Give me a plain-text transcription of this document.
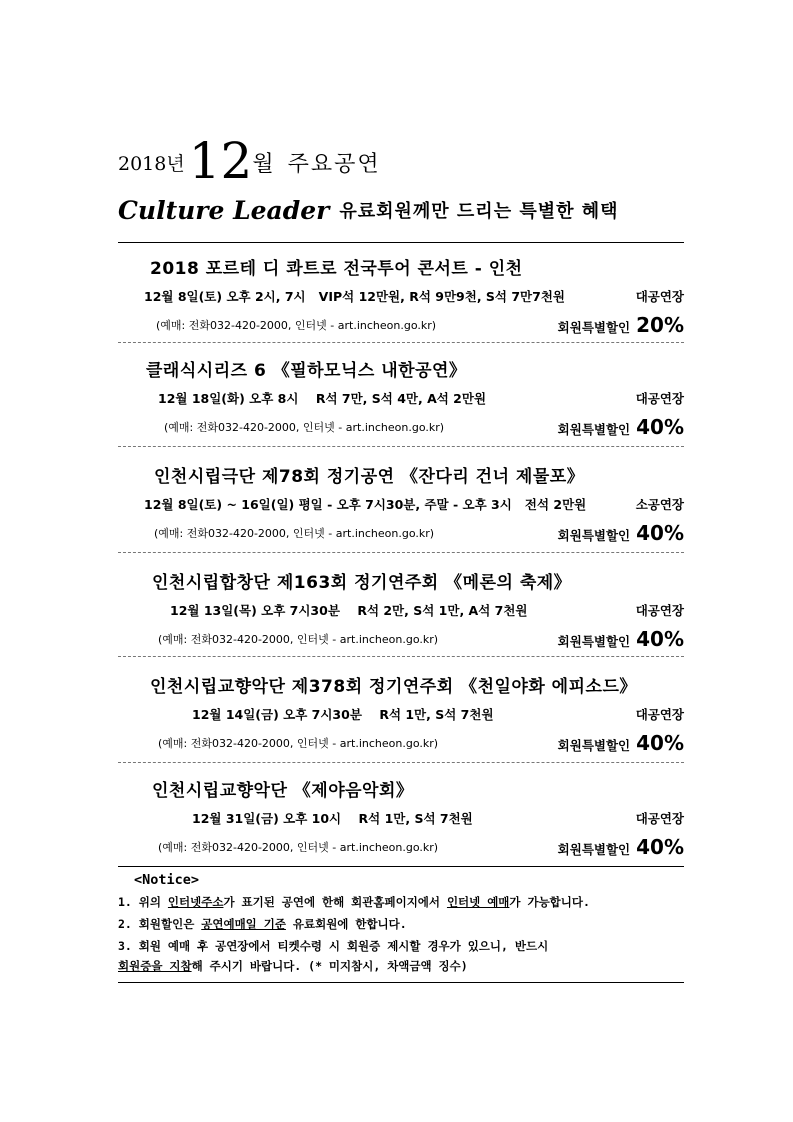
2018년 12 월 주요공연
Culture Leader 유료회원께만 드리는 특별한 혜택
2018 포르테 디 콰트로 전국투어 콘서트 - 인천
12월 8일(토) 오후 2시, 7시 VIP석 12만원, R석 9만9천, S석 7만7천원	대공연장
(예매: 전화032-420-2000, 인터넷 - art.incheon.go.kr)	회원특별할인 20%
클래식시리즈 6 《필하모닉스 내한공연》
12월 18일(화) 오후 8시 R석 7만, S석 4만, A석 2만원	대공연장
(예매: 전화032-420-2000, 인터넷 - art.incheon.go.kr)	회원특별할인 40%
인천시립극단 제78회 정기공연 《잔다리 건너 제물포》
12월 8일(토) ~ 16일(일) 평일 - 오후 7시30분, 주말 - 오후 3시 전석 2만원	소공연장
(예매: 전화032-420-2000, 인터넷 - art.incheon.go.kr)	회원특별할인 40%
인천시립합창단 제163회 정기연주회 《메론의 축제》
12월 13일(목) 오후 7시30분 R석 2만, S석 1만, A석 7천원	대공연장
(예매: 전화032-420-2000, 인터넷 - art.incheon.go.kr)	회원특별할인 40%
인천시립교향악단 제378회 정기연주회 《천일야화 에피소드》
12월 14일(금) 오후 7시30분 R석 1만, S석 7천원	대공연장
(예매: 전화032-420-2000, 인터넷 - art.incheon.go.kr)	회원특별할인 40%
인천시립교향악단 《제야음악회》
12월 31일(금) 오후 10시 R석 1만, S석 7천원	대공연장
(예매: 전화032-420-2000, 인터넷 - art.incheon.go.kr)	회원특별할인 40%
<Notice>
1. 위의 인터넷주소가 표기된 공연에 한해 회관홈페이지에서 인터넷 예매가 가능합니다.
2. 회원할인은 공연예매일 기준 유료회원에 한합니다.
3. 회원 예매 후 공연장에서 티켓수령 시 회원증 제시할 경우가 있으니, 반드시
회원증을 지참해 주시기 바랍니다. (* 미지참시, 차액금액 징수)
